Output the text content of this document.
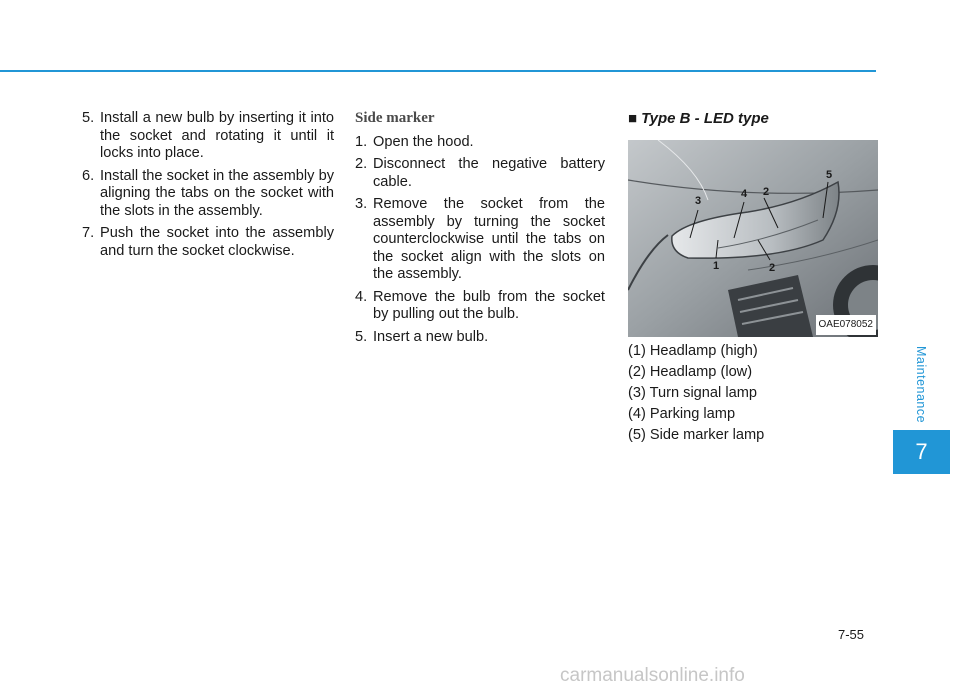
5. Install a new bulb by inserting it into the socket and rotating it until it locks into place.
6. Install the socket in the assembly by aligning the tabs on the socket with the slots in the assembly.
7. Push the socket into the assembly and turn the socket clockwise.
Side marker
1. Open the hood.
2. Disconnect the negative battery cable.
3. Remove the socket from the assembly by turning the socket counterclockwise until the tabs on the socket align with the slots on the assembly.
4. Remove the bulb from the socket by pulling out the bulb.
5. Insert a new bulb.
■ Type B - LED type
3
4 2
5
1	2
OAE078052
(1) Headlamp (high)
(2) Headlamp (low)
(3) Turn signal lamp
(4) Parking lamp
(5) Side marker lamp
Maintenance
7
7-55
carmanualsonline.info
